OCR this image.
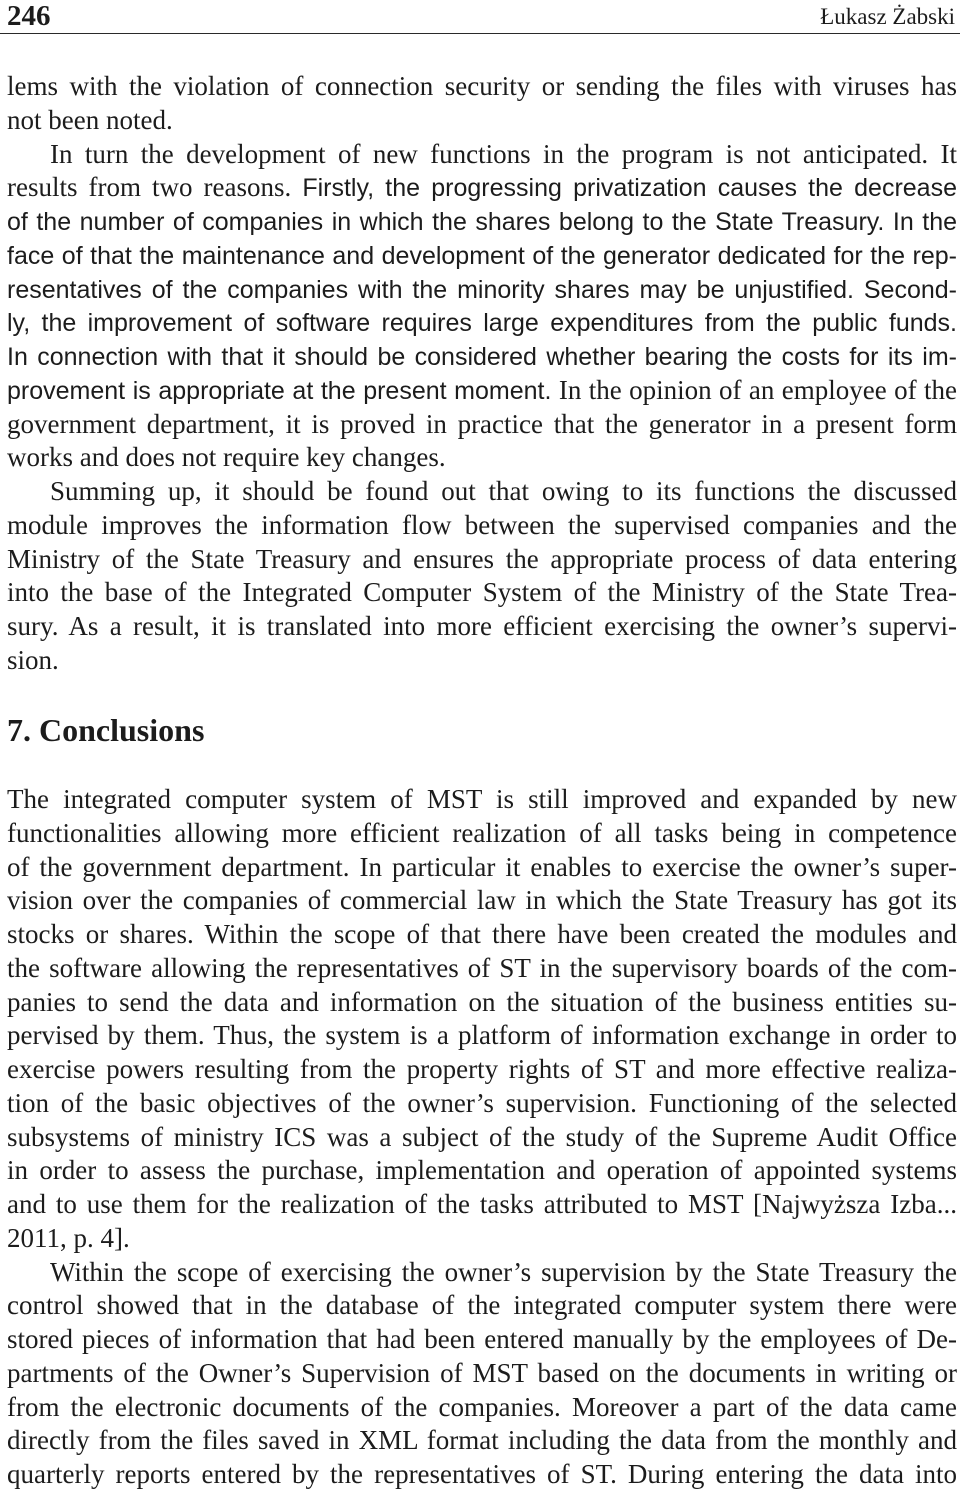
246	Łukasz Żabski
lems with the violation of connection security or sending the files with viruses has
not been noted.
In turn the development of new functions in the program is not anticipated. It
results from two reasons. Firstly, the progressing privatization causes the decrease
of the number of companies in which the shares belong to the State Treasury. In the
face of that the maintenance and development of the generator dedicated for the rep-
resentatives of the companies with the minority shares may be unjustified. Second-
ly, the improvement of software requires large expenditures from the public funds.
In connection with that it should be considered whether bearing the costs for its im-
provement is appropriate at the present moment. In the opinion of an employee of the
government department, it is proved in practice that the generator in a present form
works and does not require key changes.
Summing up, it should be found out that owing to its functions the discussed
module improves the information flow between the supervised companies and the
Ministry of the State Treasury and ensures the appropriate process of data entering
into the base of the Integrated Computer System of the Ministry of the State Trea-
sury. As a result, it is translated into more efficient exercising the owner’s supervi-
sion.
7. Conclusions
The integrated computer system of MST is still improved and expanded by new
functionalities allowing more efficient realization of all tasks being in competence
of the government department. In particular it enables to exercise the owner’s super-
vision over the companies of commercial law in which the State Treasury has got its
stocks or shares. Within the scope of that there have been created the modules and
the software allowing the representatives of ST in the supervisory boards of the com-
panies to send the data and information on the situation of the business entities su-
pervised by them. Thus, the system is a platform of information exchange in order to
exercise powers resulting from the property rights of ST and more effective realiza-
tion of the basic objectives of the owner’s supervision. Functioning of the selected
subsystems of ministry ICS was a subject of the study of the Supreme Audit Office
in order to assess the purchase, implementation and operation of appointed systems
and to use them for the realization of the tasks attributed to MST [Najwyższa Izba...
2011, p. 4].
Within the scope of exercising the owner’s supervision by the State Treasury the
control showed that in the database of the integrated computer system there were
stored pieces of information that had been entered manually by the employees of De-
partments of the Owner’s Supervision of MST based on the documents in writing or
from the electronic documents of the companies. Moreover a part of the data came
directly from the files saved in XML format including the data from the monthly and
quarterly reports entered by the representatives of ST. During entering the data into
